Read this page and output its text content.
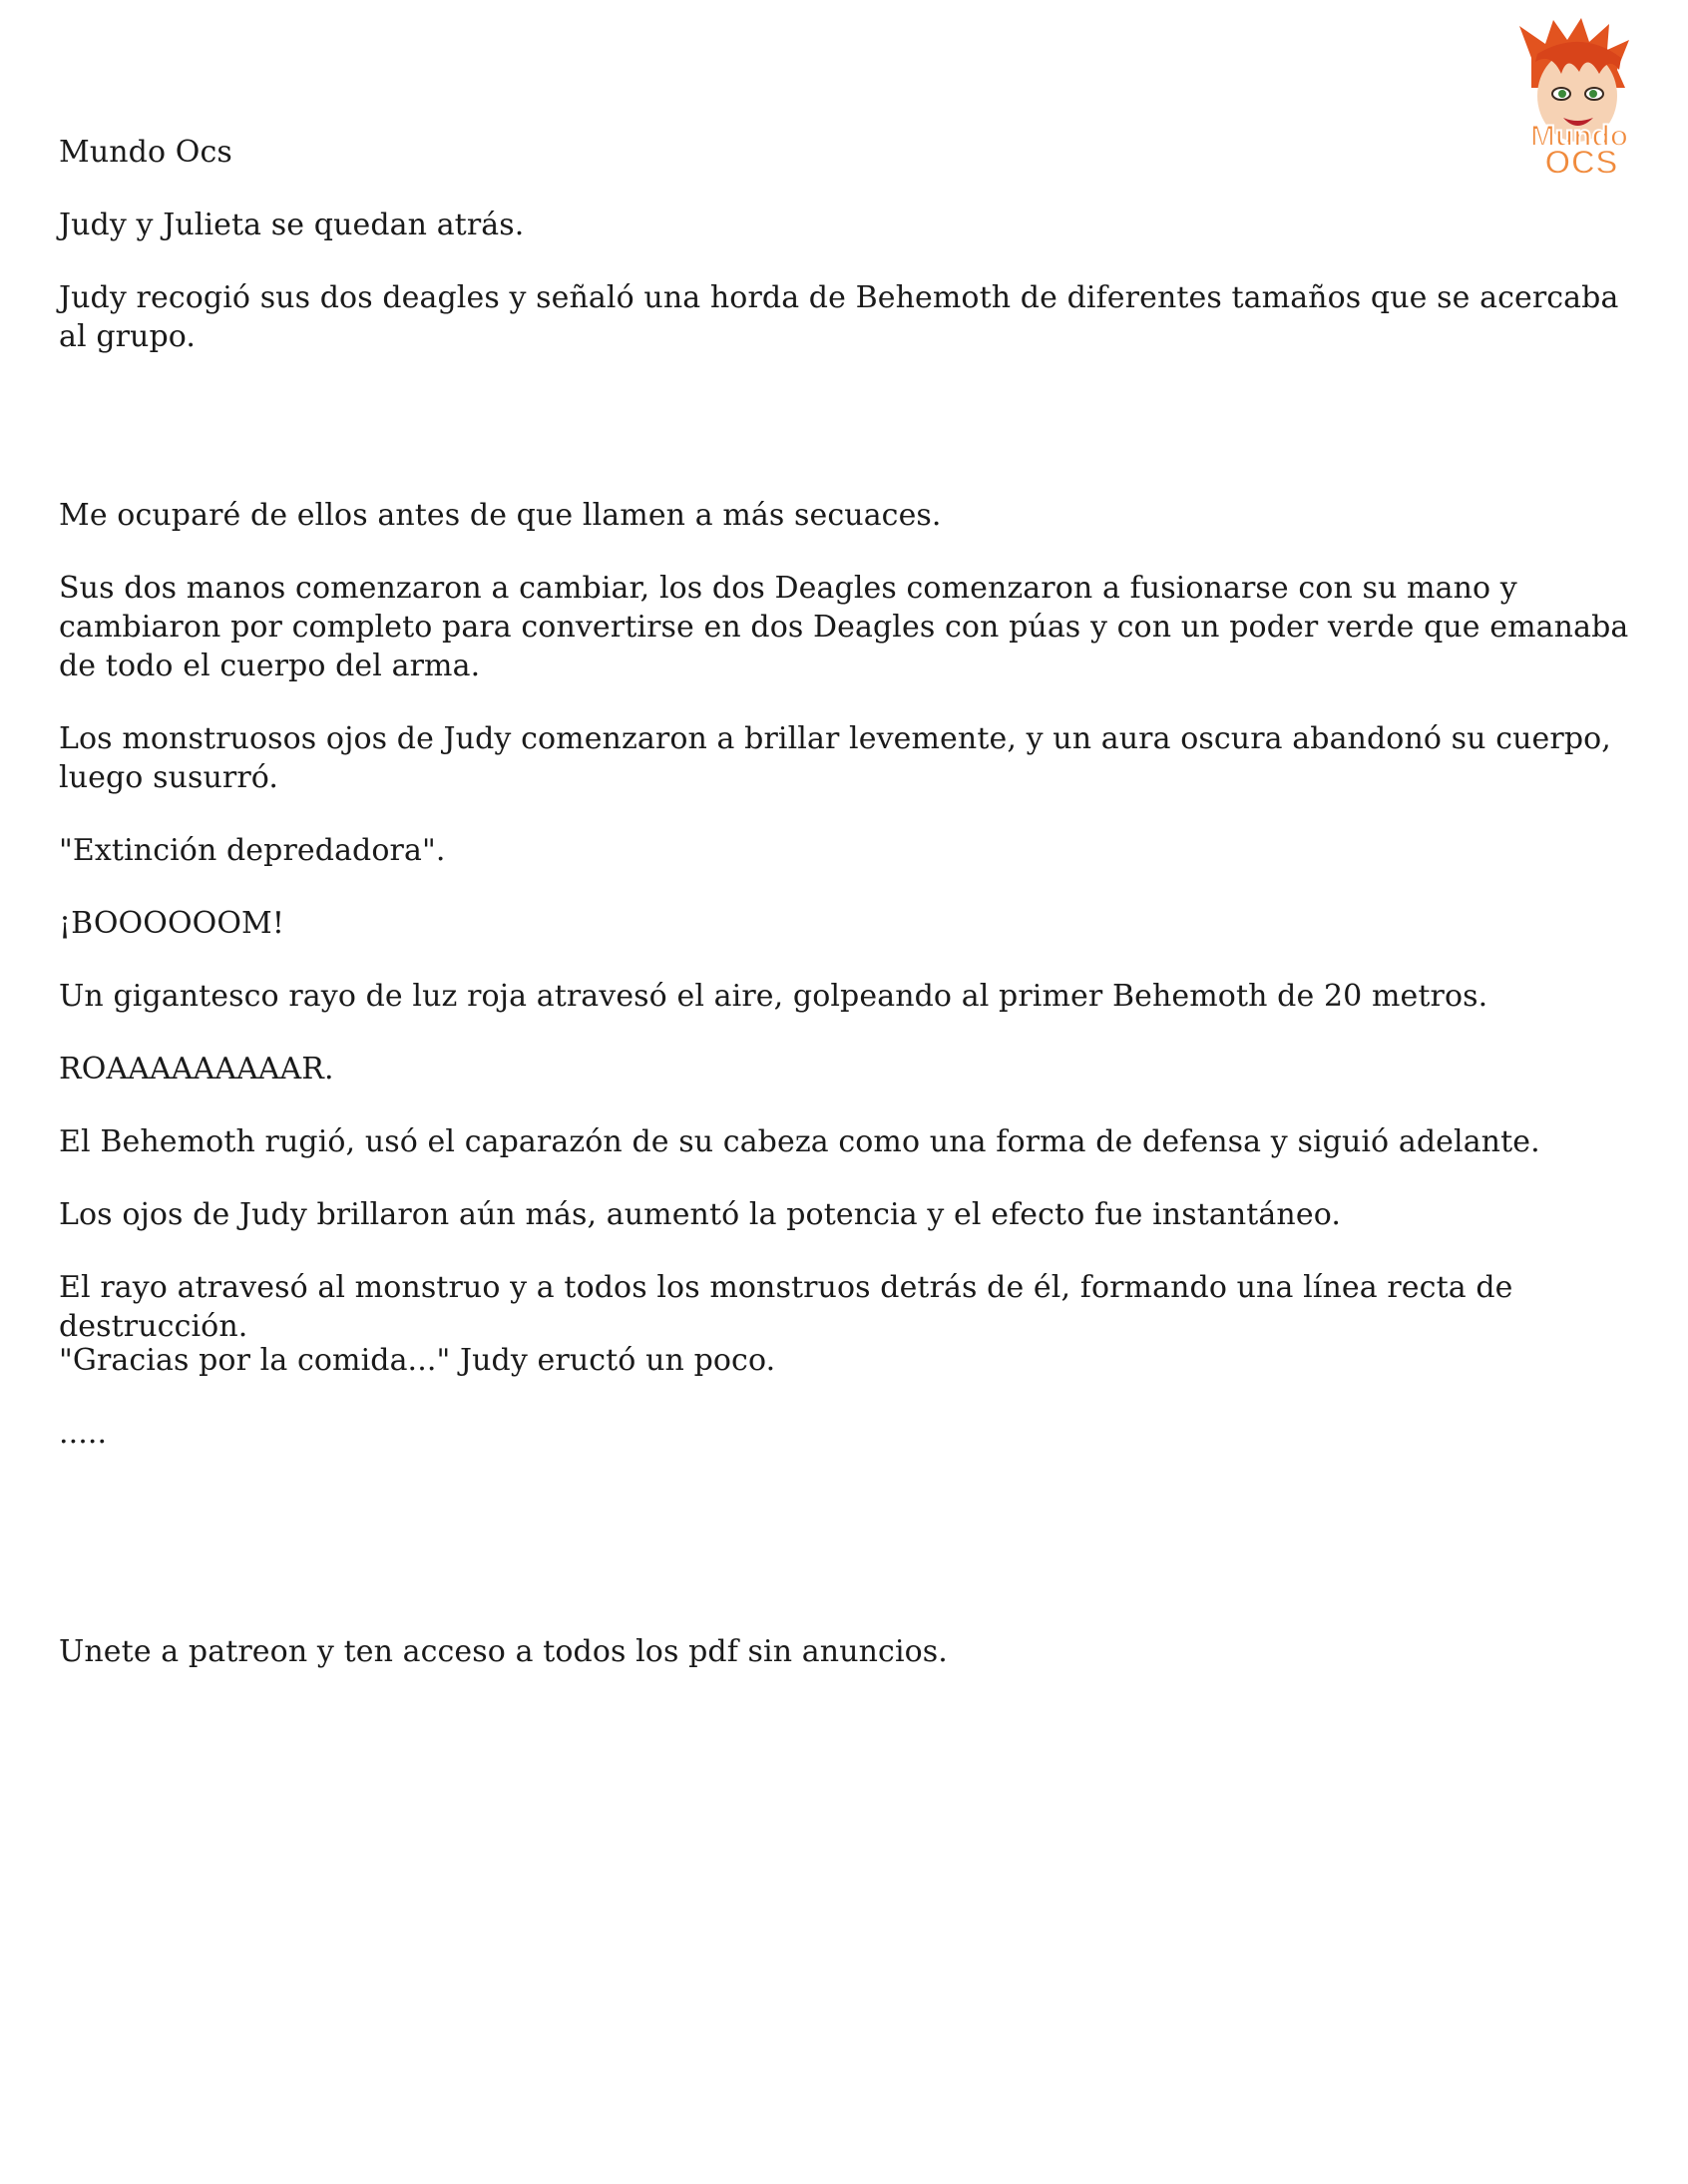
Mundo
OCS

Mundo Ocs

Judy y Julieta se quedan atrás.

Judy recogió sus dos deagles y señaló una horda de Behemoth de diferentes tamaños que se acercaba al grupo.

Me ocuparé de ellos antes de que llamen a más secuaces.

Sus dos manos comenzaron a cambiar, los dos Deagles comenzaron a fusionarse con su mano y cambiaron por completo para convertirse en dos Deagles con púas y con un poder verde que emanaba de todo el cuerpo del arma.

Los monstruosos ojos de Judy comenzaron a brillar levemente, y un aura oscura abandonó su cuerpo, luego susurró.

"Extinción depredadora".

¡BOOOOOOM!

Un gigantesco rayo de luz roja atravesó el aire, golpeando al primer Behemoth de 20 metros.

ROAAAAAAAAAR.

El Behemoth rugió, usó el caparazón de su cabeza como una forma de defensa y siguió adelante.

Los ojos de Judy brillaron aún más, aumentó la potencia y el efecto fue instantáneo.

El rayo atravesó al monstruo y a todos los monstruos detrás de él, formando una línea recta de destrucción.

"Gracias por la comida..." Judy eructó un poco.

.....

Unete a patreon y ten acceso a todos los pdf sin anuncios.
